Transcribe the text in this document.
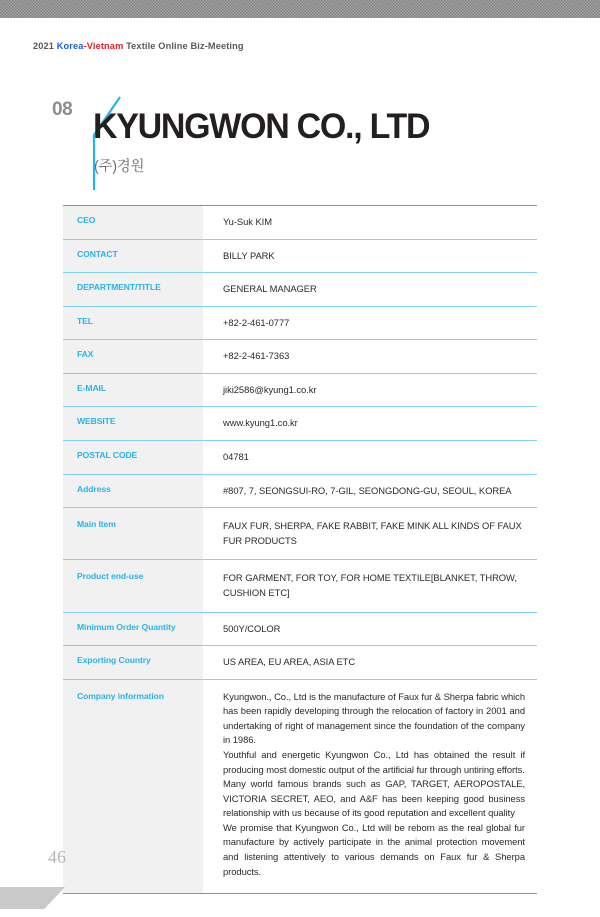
2021 Korea-Vietnam Textile Online Biz-Meeting
08 KYUNGWON CO., LTD
(주)경원
CEO	Yu-Suk KIM
CONTACT	BILLY PARK
DEPARTMENT/TITLE	GENERAL MANAGER
TEL	+82-2-461-0777
FAX	+82-2-461-7363
E-MAIL	jiki2586@kyung1.co.kr
WEBSITE	www.kyung1.co.kr
POSTAL CODE	04781
Address	#807, 7, SEONGSUI-RO, 7-GIL, SEONGDONG-GU, SEOUL, KOREA
Main Item	FAUX FUR, SHERPA, FAKE RABBIT, FAKE MINK ALL KINDS OF FAUX FUR PRODUCTS
Product end-use	FOR GARMENT, FOR TOY, FOR HOME TEXTILE[BLANKET, THROW, CUSHION ETC]
Minimum Order Quantity	500Y/COLOR
Exporting Country	US AREA, EU AREA, ASIA ETC
Company information	Kyungwon., Co., Ltd is the manufacture of Faux fur & Sherpa fabric which has been rapidly developing through the relocation of factory in 2001 and undertaking of right of management since the foundation of the company in 1986.

Youthful and energetic Kyungwon Co., Ltd has obtained the result if producing most domestic output of the artificial fur through untiring efforts.

Many world famous brands such as GAP, TARGET, AEROPOSTALE, VICTORIA SECRET, AEO, and A&F has been keeping good business relationship with us because of its good reputation and excellent quality

We promise that Kyungwon Co., Ltd will be reborn as the real global fur manufacture by actively participate in the animal protection movement and listening attentively to various demands on Faux fur & Sherpa products.

46
